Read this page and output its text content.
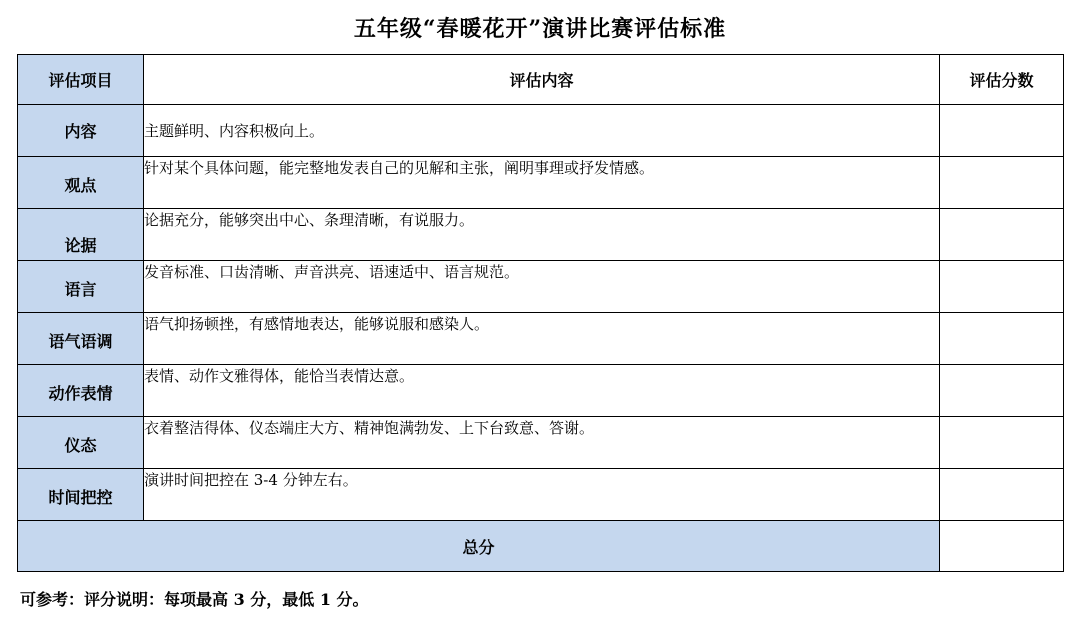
五年级“春暖花开”演讲比赛评估标准
评估项目	评估内容	评估分数
内容	主题鲜明、内容积极向上。	
观点	针对某个具体问题，能完整地发表自己的见解和主张，阐明事理或抒发情感。	
论据	论据充分，能够突出中心、条理清晰，有说服力。	
语言	发音标准、口齿清晰、声音洪亮、语速适中、语言规范。	
语气语调	语气抑扬顿挫，有感情地表达，能够说服和感染人。	
动作表情	表情、动作文雅得体，能恰当表情达意。	
仪态	衣着整洁得体、仪态端庄大方、精神饱满勃发、上下台致意、答谢。	
时间把控	演讲时间把控在 3-4 分钟左右。	
总分		
可参考：评分说明：每项最高 3 分，最低 1 分。
